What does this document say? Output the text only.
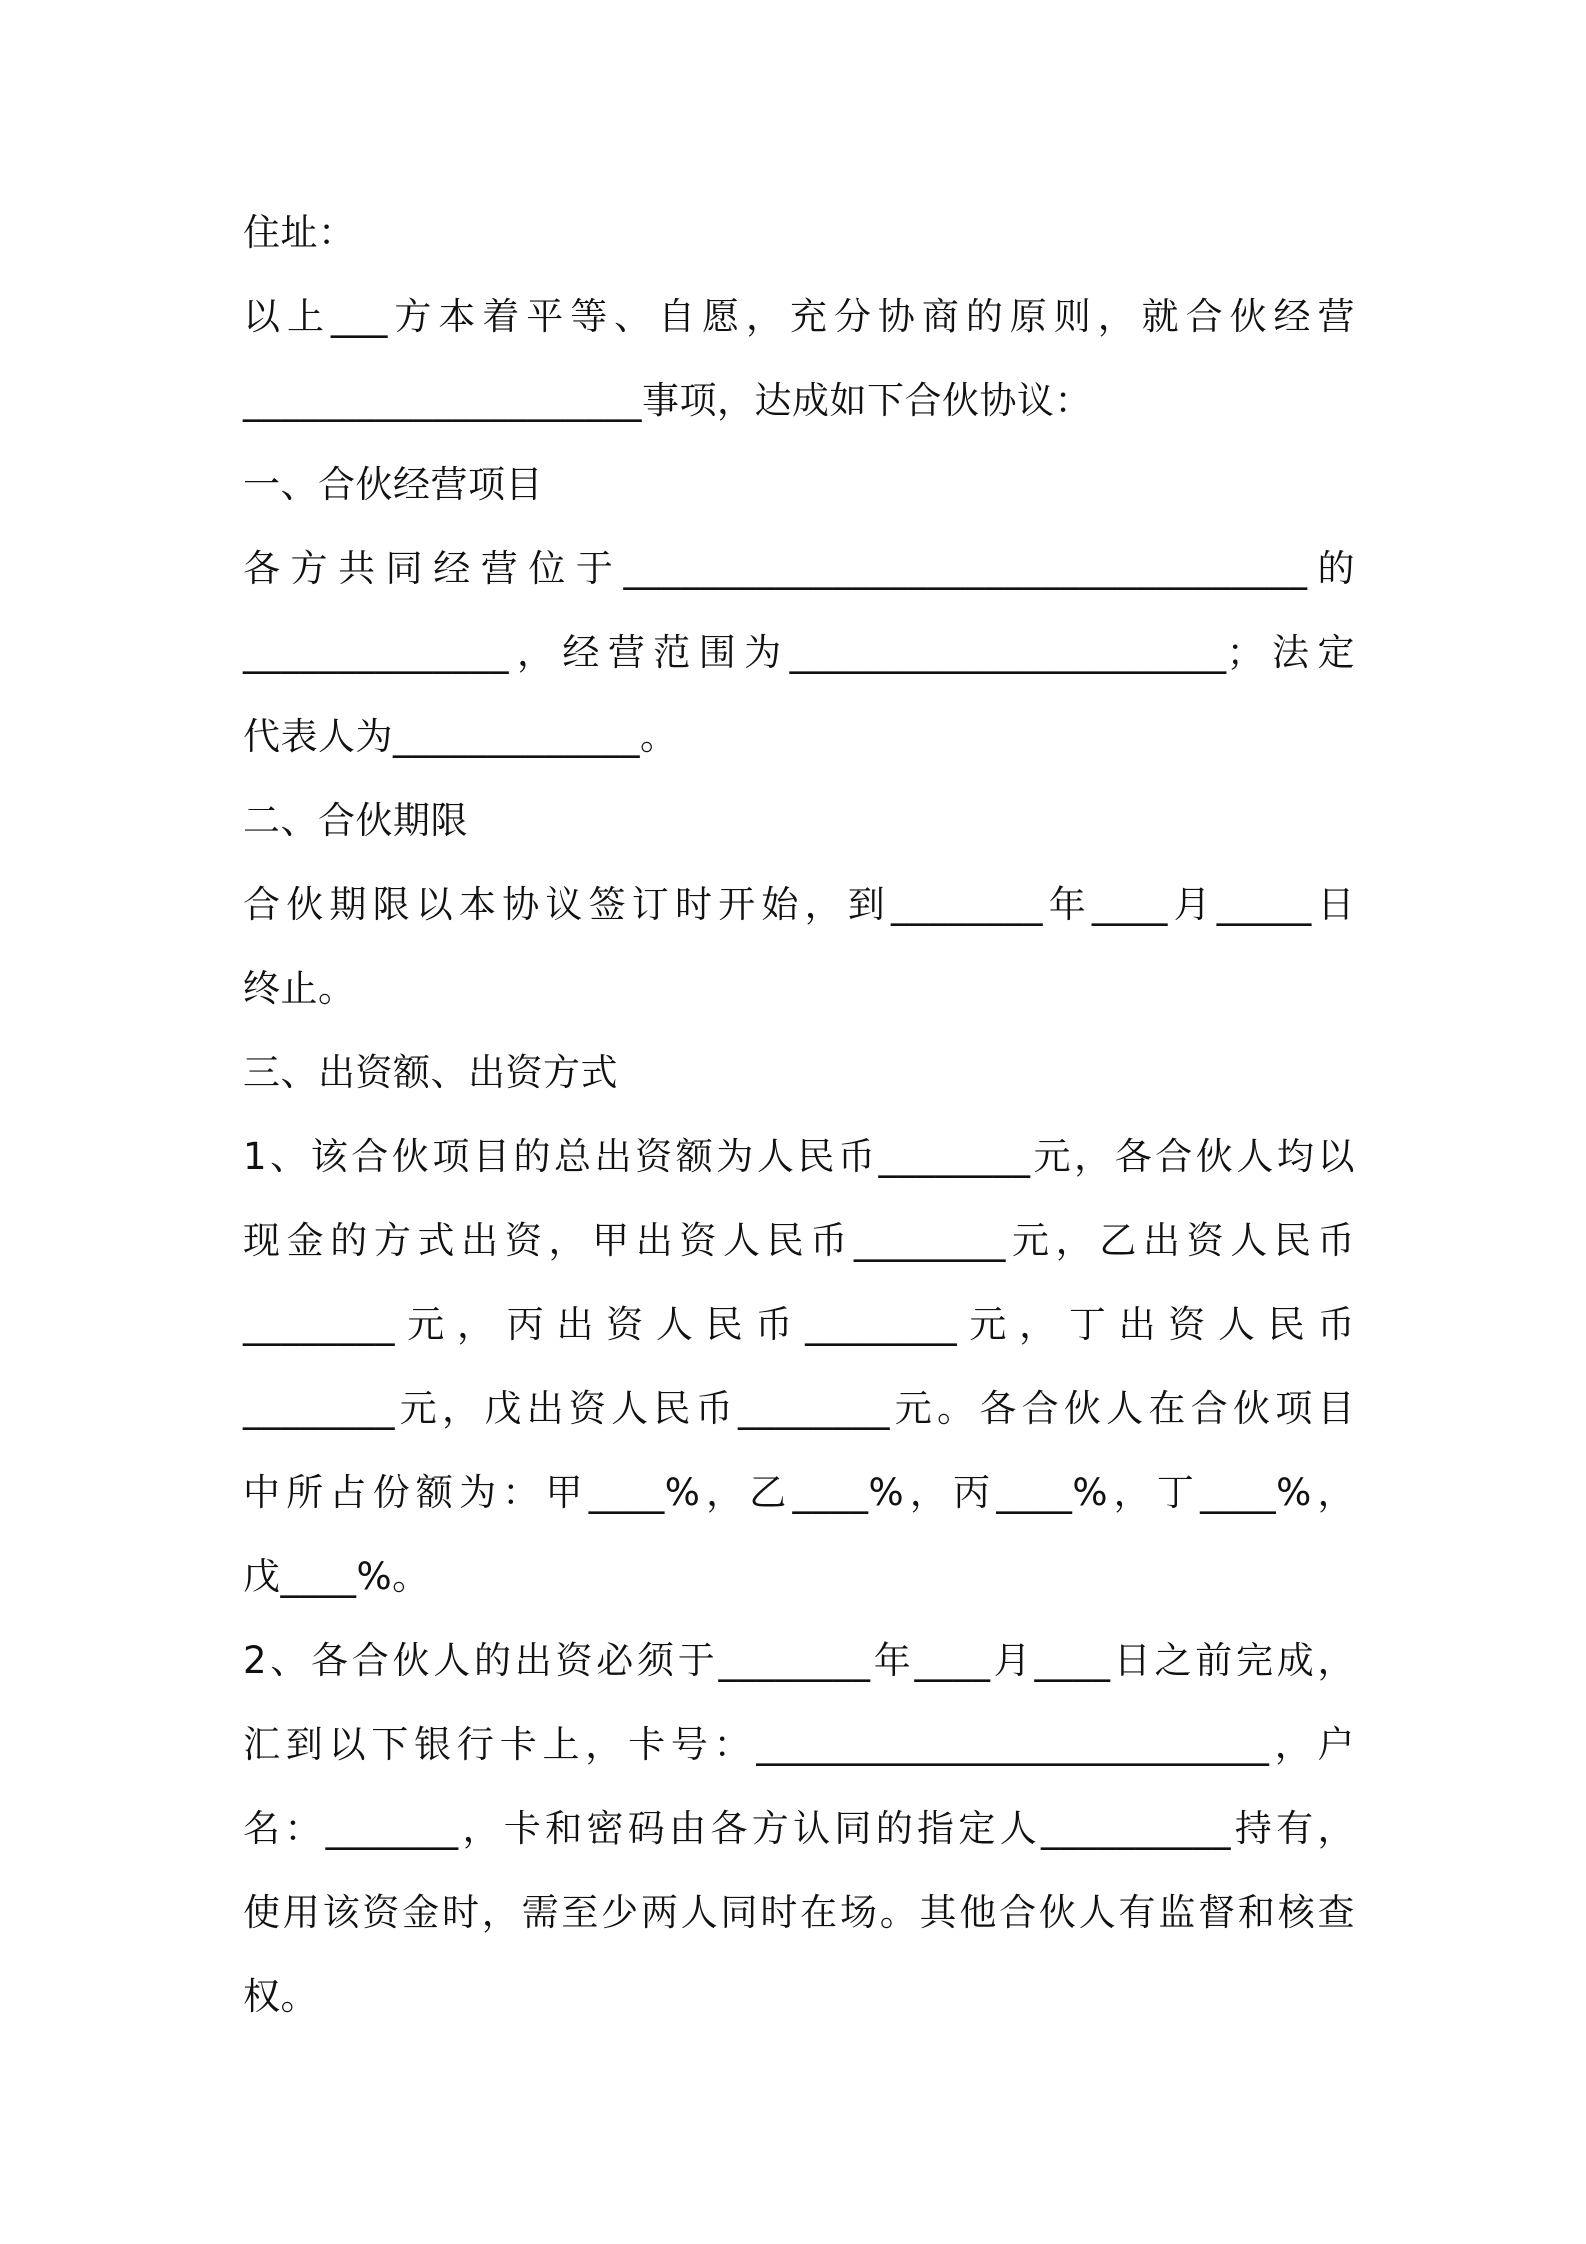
住址：
以上___方本着平等、自愿，充分协商的原则，就合伙经营
_____________________事项，达成如下合伙协议：
一、合伙经营项目
各方共同经营位于____________________________________的
______________，经营范围为_______________________；法定
代表人为_____________。
二、合伙期限
合伙期限以本协议签订时开始，到________年____月_____日
终止。
三、出资额、出资方式
1、该合伙项目的总出资额为人民币________元，各合伙人均以
现金的方式出资，甲出资人民币________元，乙出资人民币
________元，丙出资人民币________元，丁出资人民币
________元，戊出资人民币________元。各合伙人在合伙项目
中所占份额为：甲____%，乙____%，丙____%，丁____%，
戊____%。
2、各合伙人的出资必须于________年____月____日之前完成，
汇到以下银行卡上，卡号：___________________________，户
名：_______，卡和密码由各方认同的指定人__________持有，
使用该资金时，需至少两人同时在场。其他合伙人有监督和核查
权。
